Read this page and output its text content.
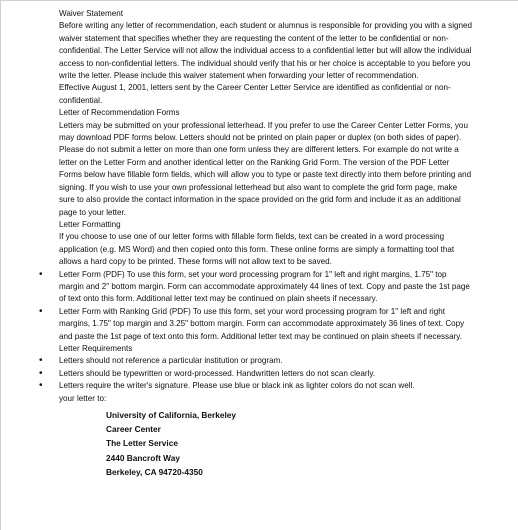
Waiver Statement

Before writing any letter of recommendation, each student or alumnus is responsible for providing you with a signed waiver statement that specifies whether they are requesting the content of the letter to be confidential or non-confidential. The Letter Service will not allow the individual access to a confidential letter but will allow the individual access to non-confidential letters. The individual should verify that his or her choice is acceptable to you before you write the letter. Please include this waiver statement when forwarding your letter of recommendation.

Effective August 1, 2001, letters sent by the Career Center Letter Service are identified as confidential or non-confidential.

Letter of Recommendation Forms

Letters may be submitted on your professional letterhead. If you prefer to use the Career Center Letter Forms, you may download PDF forms below. Letters should not be printed on plain paper or duplex (on both sides of paper). Please do not submit a letter on more than one form unless they are different letters. For example do not write a letter on the Letter Form and another identical letter on the Ranking Grid Form. The version of the PDF Letter Forms below have fillable form fields, which will allow you to type or paste text directly into them before printing and signing. If you wish to use your own professional letterhead but also want to complete the grid form page, make sure to also provide the contact information in the space provided on the grid form and include it as an additional page to your letter.

Letter Formatting

If you choose to use one of our letter forms with fillable form fields, text can be created in a word processing application (e.g. MS Word) and then copied onto this form. These online forms are simply a formatting tool that allows a hard copy to be printed. These forms will not allow text to be saved.

• Letter Form (PDF) To use this form, set your word processing program for 1" left and right margins, 1.75" top margin and 2" bottom margin. Form can accommodate approximately 44 lines of text. Copy and paste the 1st page of text onto this form. Additional letter text may be continued on plain sheets if necessary.
• Letter Form with Ranking Grid (PDF) To use this form, set your word processing program for 1" left and right margins, 1.75" top margin and 3.25" bottom margin. Form can accommodate approximately 36 lines of text. Copy and paste the 1st page of text onto this form. Additional letter text may be continued on plain sheets if necessary.

Letter Requirements

• Letters should not reference a particular institution or program.
• Letters should be typewritten or word-processed. Handwritten letters do not scan clearly.
• Letters require the writer's signature. Please use blue or black ink as lighter colors do not scan well.

your letter to:

University of California, Berkeley
Career Center
The Letter Service
2440 Bancroft Way
Berkeley, CA 94720-4350
